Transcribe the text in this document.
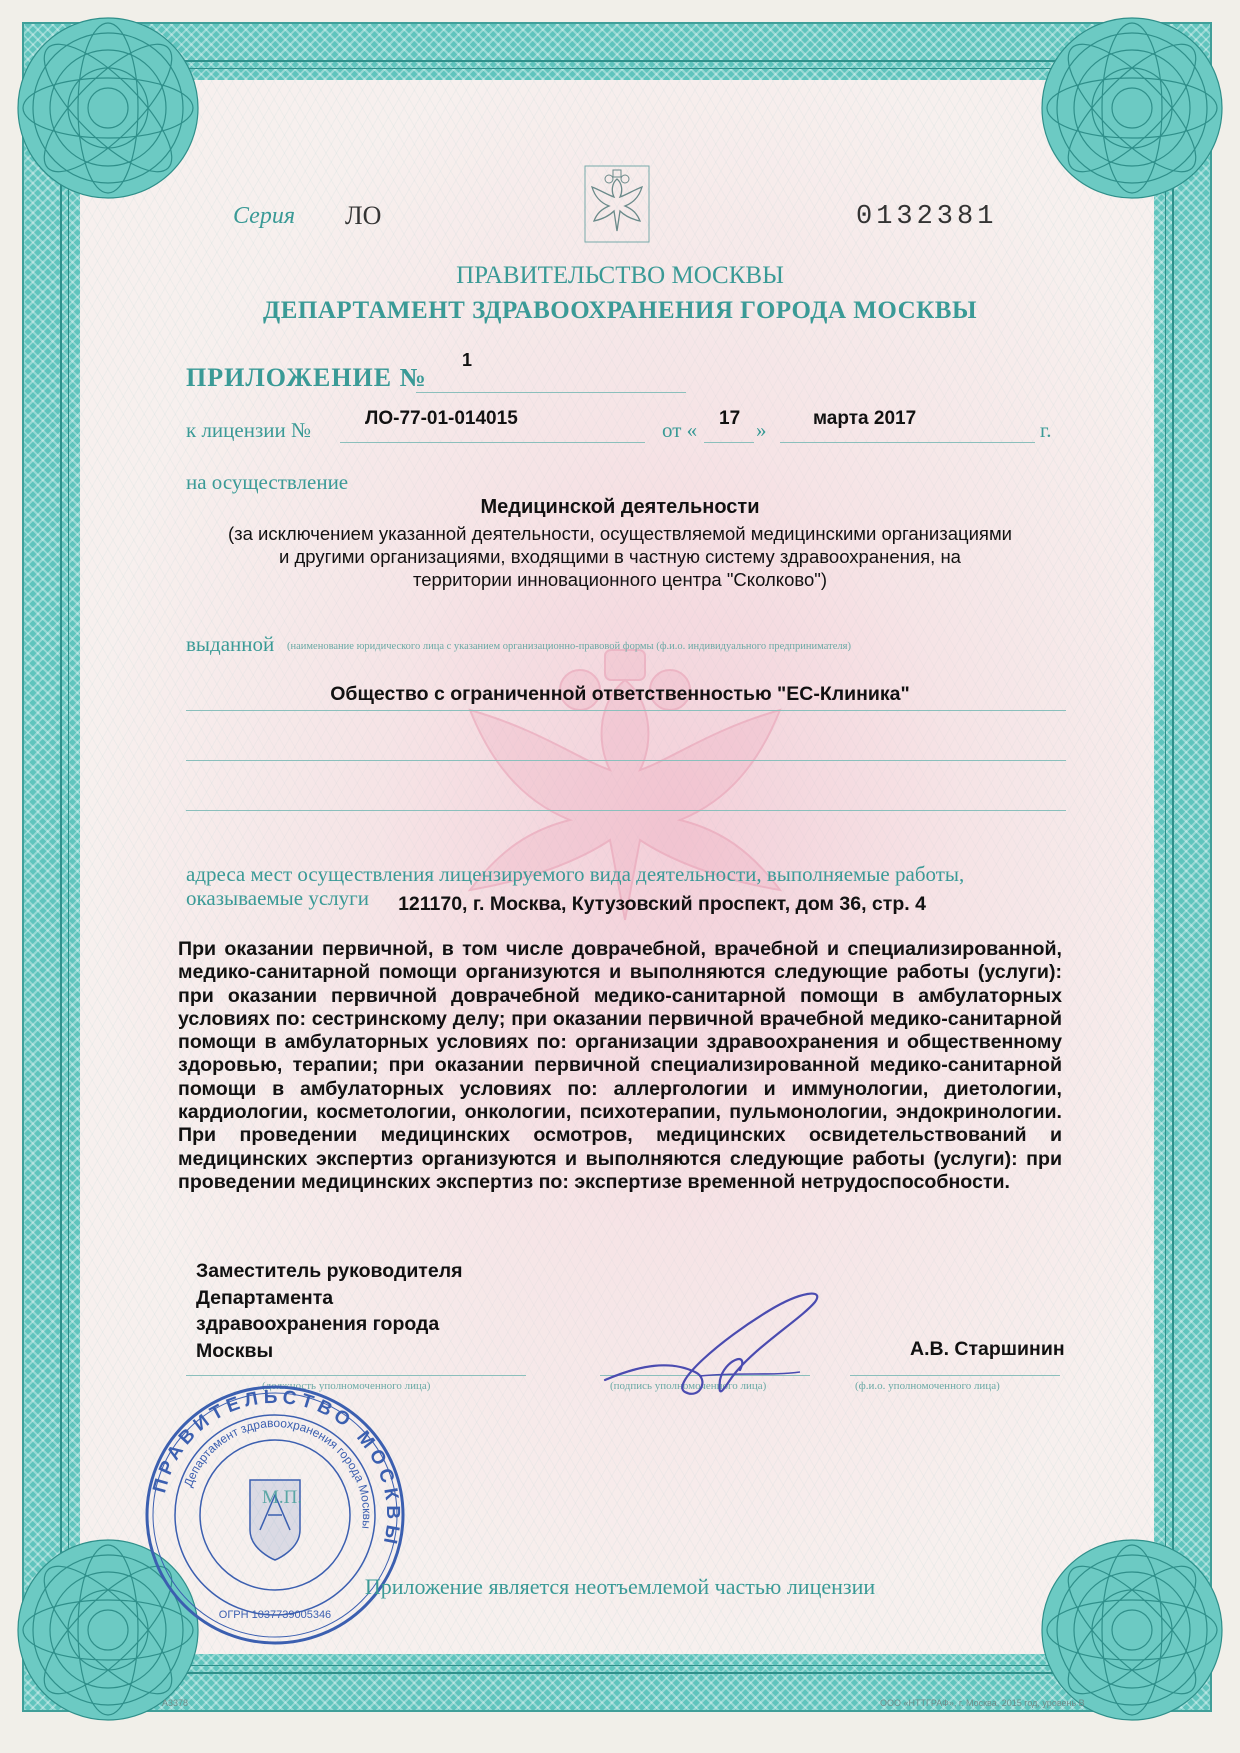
Серия ЛО	0132381
ПРАВИТЕЛЬСТВО МОСКВЫ
ДЕПАРТАМЕНТ ЗДРАВООХРАНЕНИЯ ГОРОДА МОСКВЫ
ПРИЛОЖЕНИЕ №
1
к лицензии №	ЛО-77-01-014015	от « 17 » марта 2017	г.
на осуществление
Медицинской деятельности
(за исключением указанной деятельности, осуществляемой медицинскими организациями
и другими организациями, входящими в частную систему здравоохранения, на
территории инновационного центра "Сколково")
выданной (наименование юридического лица с указанием организационно-правовой формы (ф.и.о. индивидуального предпринимателя)
Общество с ограниченной ответственностью "ЕС-Клиника"
адреса мест осуществления лицензируемого вида деятельности, выполняемые работы,
оказываемые услуги	121170, г. Москва, Кутузовский проспект, дом 36, стр. 4
При оказании первичной, в том числе доврачебной, врачебной и специализированной, медико-санитарной помощи организуются и выполняются следующие работы (услуги): при оказании первичной доврачебной медико-санитарной помощи в амбулаторных условиях по: сестринскому делу; при оказании первичной врачебной медико-санитарной помощи в амбулаторных условиях по: организации здравоохранения и общественному здоровью, терапии; при оказании первичной специализированной медико-санитарной помощи в амбулаторных условиях по: аллергологии и иммунологии, диетологии, кардиологии, косметологии, онкологии, психотерапии, пульмонологии, эндокринологии. При проведении медицинских осмотров, медицинских освидетельствований и медицинских экспертиз организуются и выполняются следующие работы (услуги): при проведении медицинских экспертиз по: экспертизе временной нетрудоспособности.
Заместитель руководителя
Департамента
здравоохранения города
Москвы	А.В. Старшинин
(должность уполномоченного лица)	(подпись уполномоченного лица)	(ф.и.о. уполномоченного лица)
ПРАВИТЕЛЬСТВО МОСКВЫ
Департамент здравоохранения города Москвы
ОГРН 1037739005346
М.П.
Приложение является неотъемлемой частью лицензии
А3378	ООО «НТТГРАФ», г. Москва, 2015 год, уровень В
